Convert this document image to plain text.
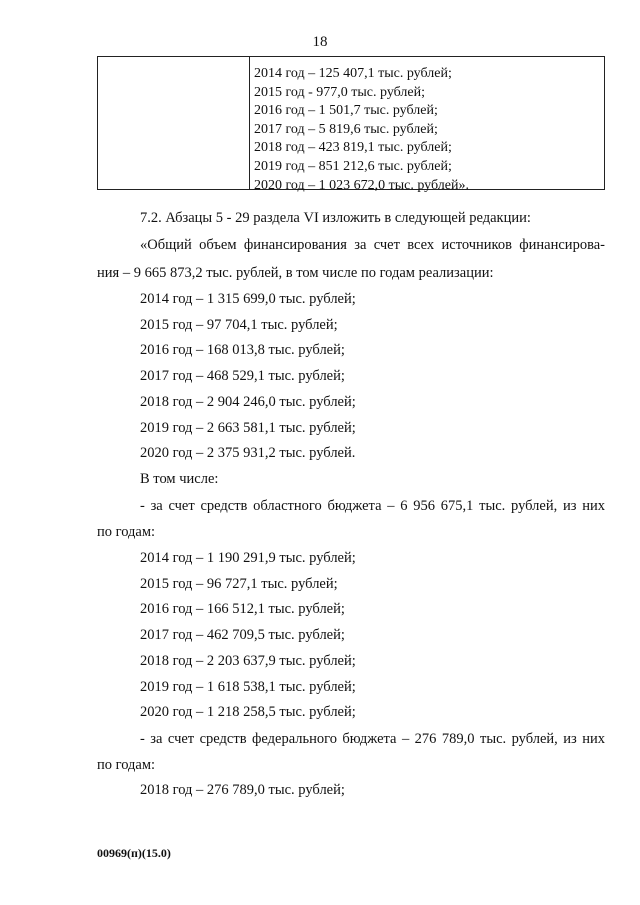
18
2014 год – 125 407,1 тыс. рублей;
2015 год - 977,0 тыс. рублей;
2016 год – 1 501,7 тыс. рублей;
2017 год – 5 819,6 тыс. рублей;
2018 год – 423 819,1 тыс. рублей;
2019 год – 851 212,6 тыс. рублей;
2020 год – 1 023 672,0 тыс. рублей».
7.2. Абзацы 5 - 29 раздела VI изложить в следующей редакции:
«Общий объем финансирования за счет всех источников финансирова-
ния – 9 665 873,2 тыс. рублей, в том числе по годам реализации:
2014 год – 1 315 699,0 тыс. рублей;
2015 год – 97 704,1 тыс. рублей;
2016 год – 168 013,8 тыс. рублей;
2017 год – 468 529,1 тыс. рублей;
2018 год – 2 904 246,0 тыс. рублей;
2019 год – 2 663 581,1 тыс. рублей;
2020 год – 2 375 931,2 тыс. рублей.
В том числе:
- за счет средств областного бюджета – 6 956 675,1 тыс. рублей, из них
по годам:
2014 год – 1 190 291,9 тыс. рублей;
2015 год – 96 727,1 тыс. рублей;
2016 год – 166 512,1 тыс. рублей;
2017 год – 462 709,5 тыс. рублей;
2018 год – 2 203 637,9 тыс. рублей;
2019 год – 1 618 538,1 тыс. рублей;
2020 год – 1 218 258,5 тыс. рублей;
- за счет средств федерального бюджета – 276 789,0 тыс. рублей, из них
по годам:
2018 год – 276 789,0 тыс. рублей;
00969(п)(15.0)
